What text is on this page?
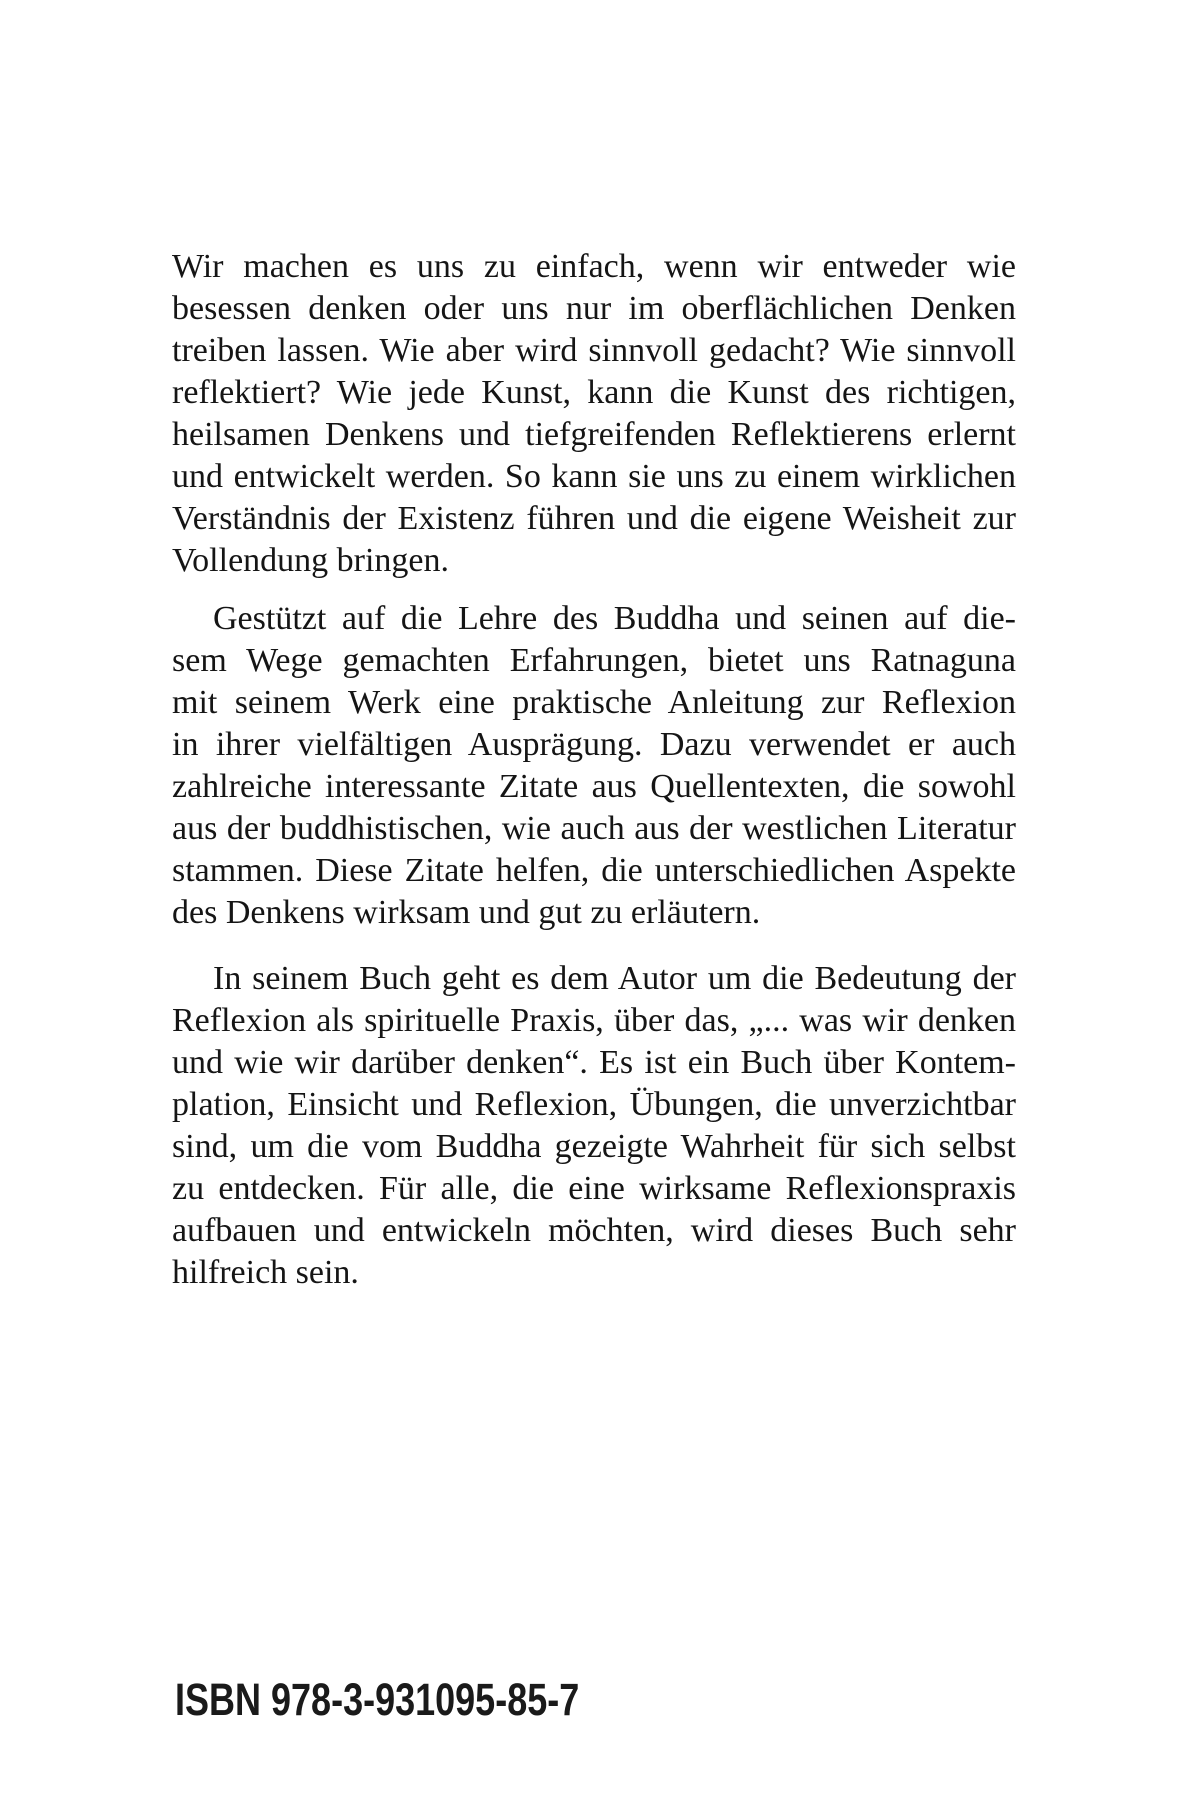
Wir machen es uns zu einfach, wenn wir entweder wie
besessen denken oder uns nur im oberflächlichen Denken
treiben lassen. Wie aber wird sinnvoll gedacht? Wie sinnvoll
reflektiert? Wie jede Kunst, kann die Kunst des richtigen,
heilsamen Denkens und tiefgreifenden Reflektierens erlernt
und entwickelt werden. So kann sie uns zu einem wirklichen
Verständnis der Existenz führen und die eigene Weisheit zur
Vollendung bringen.
Gestützt auf die Lehre des Buddha und seinen auf die-
sem Wege gemachten Erfahrungen, bietet uns Ratnaguna
mit seinem Werk eine praktische Anleitung zur Reflexion
in ihrer vielfältigen Ausprägung. Dazu verwendet er auch
zahlreiche interessante Zitate aus Quellentexten, die sowohl
aus der buddhistischen, wie auch aus der westlichen Literatur
stammen. Diese Zitate helfen, die unterschiedlichen Aspekte
des Denkens wirksam und gut zu erläutern.
In seinem Buch geht es dem Autor um die Bedeutung der
Reflexion als spirituelle Praxis, über das, „... was wir denken
und wie wir darüber denken“. Es ist ein Buch über Kontem-
plation, Einsicht und Reflexion, Übungen, die unverzichtbar
sind, um die vom Buddha gezeigte Wahrheit für sich selbst
zu entdecken. Für alle, die eine wirksame Reflexionspraxis
aufbauen und entwickeln möchten, wird dieses Buch sehr
hilfreich sein.
ISBN 978-3-931095-85-7
